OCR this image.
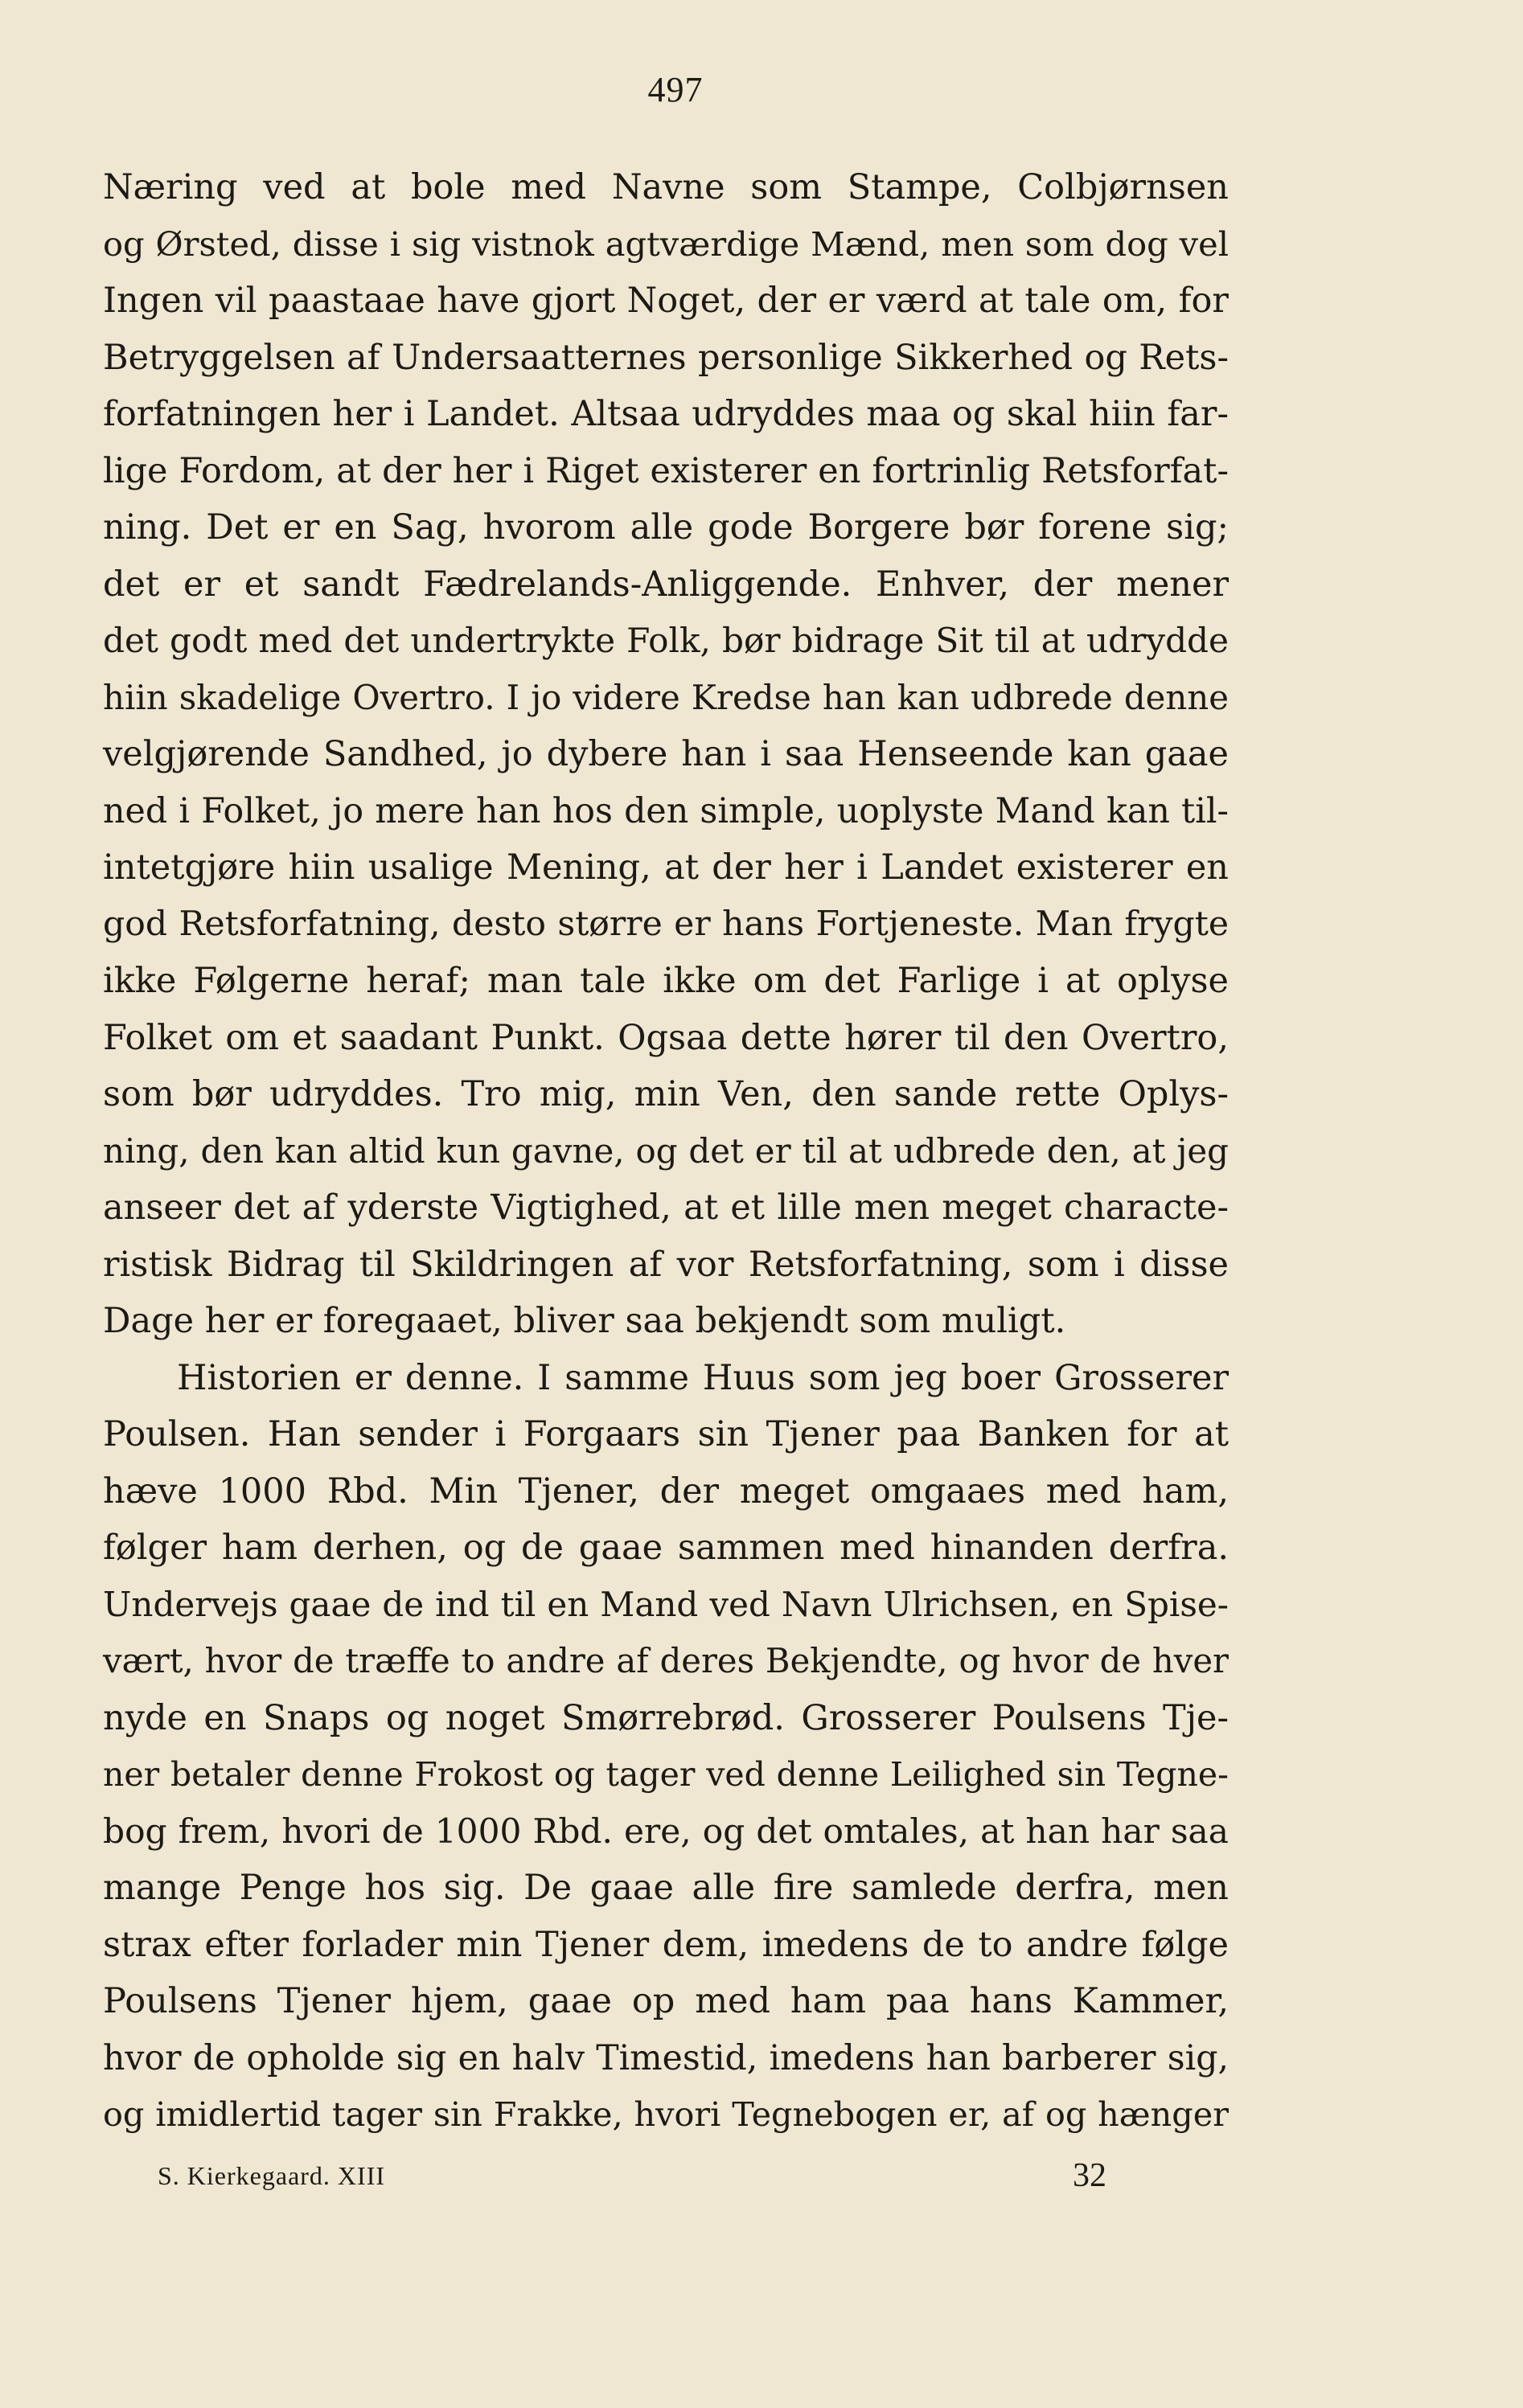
497
Næring ved at bole med Navne som Stampe, Colbjørnsen
og Ørsted, disse i sig vistnok agtværdige Mænd, men som dog vel
Ingen vil paastaae have gjort Noget, der er værd at tale om, for
Betryggelsen af Undersaatternes personlige Sikkerhed og Rets-
forfatningen her i Landet. Altsaa udryddes maa og skal hiin far-
lige Fordom, at der her i Riget existerer en fortrinlig Retsforfat-
ning. Det er en Sag, hvorom alle gode Borgere bør forene sig;
det er et sandt Fædrelands-Anliggende. Enhver, der mener
det godt med det undertrykte Folk, bør bidrage Sit til at udrydde
hiin skadelige Overtro. I jo videre Kredse han kan udbrede denne
velgjørende Sandhed, jo dybere han i saa Henseende kan gaae
ned i Folket, jo mere han hos den simple, uoplyste Mand kan til-
intetgjøre hiin usalige Mening, at der her i Landet existerer en
god Retsforfatning, desto større er hans Fortjeneste. Man frygte
ikke Følgerne heraf; man tale ikke om det Farlige i at oplyse
Folket om et saadant Punkt. Ogsaa dette hører til den Overtro,
som bør udryddes. Tro mig, min Ven, den sande rette Oplys-
ning, den kan altid kun gavne, og det er til at udbrede den, at jeg
anseer det af yderste Vigtighed, at et lille men meget characte-
ristisk Bidrag til Skildringen af vor Retsforfatning, som i disse
Dage her er foregaaet, bliver saa bekjendt som muligt.
Historien er denne. I samme Huus som jeg boer Grosserer
Poulsen. Han sender i Forgaars sin Tjener paa Banken for at
hæve 1000 Rbd. Min Tjener, der meget omgaaes med ham,
følger ham derhen, og de gaae sammen med hinanden derfra.
Undervejs gaae de ind til en Mand ved Navn Ulrichsen, en Spise-
vært, hvor de træffe to andre af deres Bekjendte, og hvor de hver
nyde en Snaps og noget Smørrebrød. Grosserer Poulsens Tje-
ner betaler denne Frokost og tager ved denne Leilighed sin Tegne-
bog frem, hvori de 1000 Rbd. ere, og det omtales, at han har saa
mange Penge hos sig. De gaae alle fire samlede derfra, men
strax efter forlader min Tjener dem, imedens de to andre følge
Poulsens Tjener hjem, gaae op med ham paa hans Kammer,
hvor de opholde sig en halv Timestid, imedens han barberer sig,
og imidlertid tager sin Frakke, hvori Tegnebogen er, af og hænger
S. Kierkegaard. XIII	32
